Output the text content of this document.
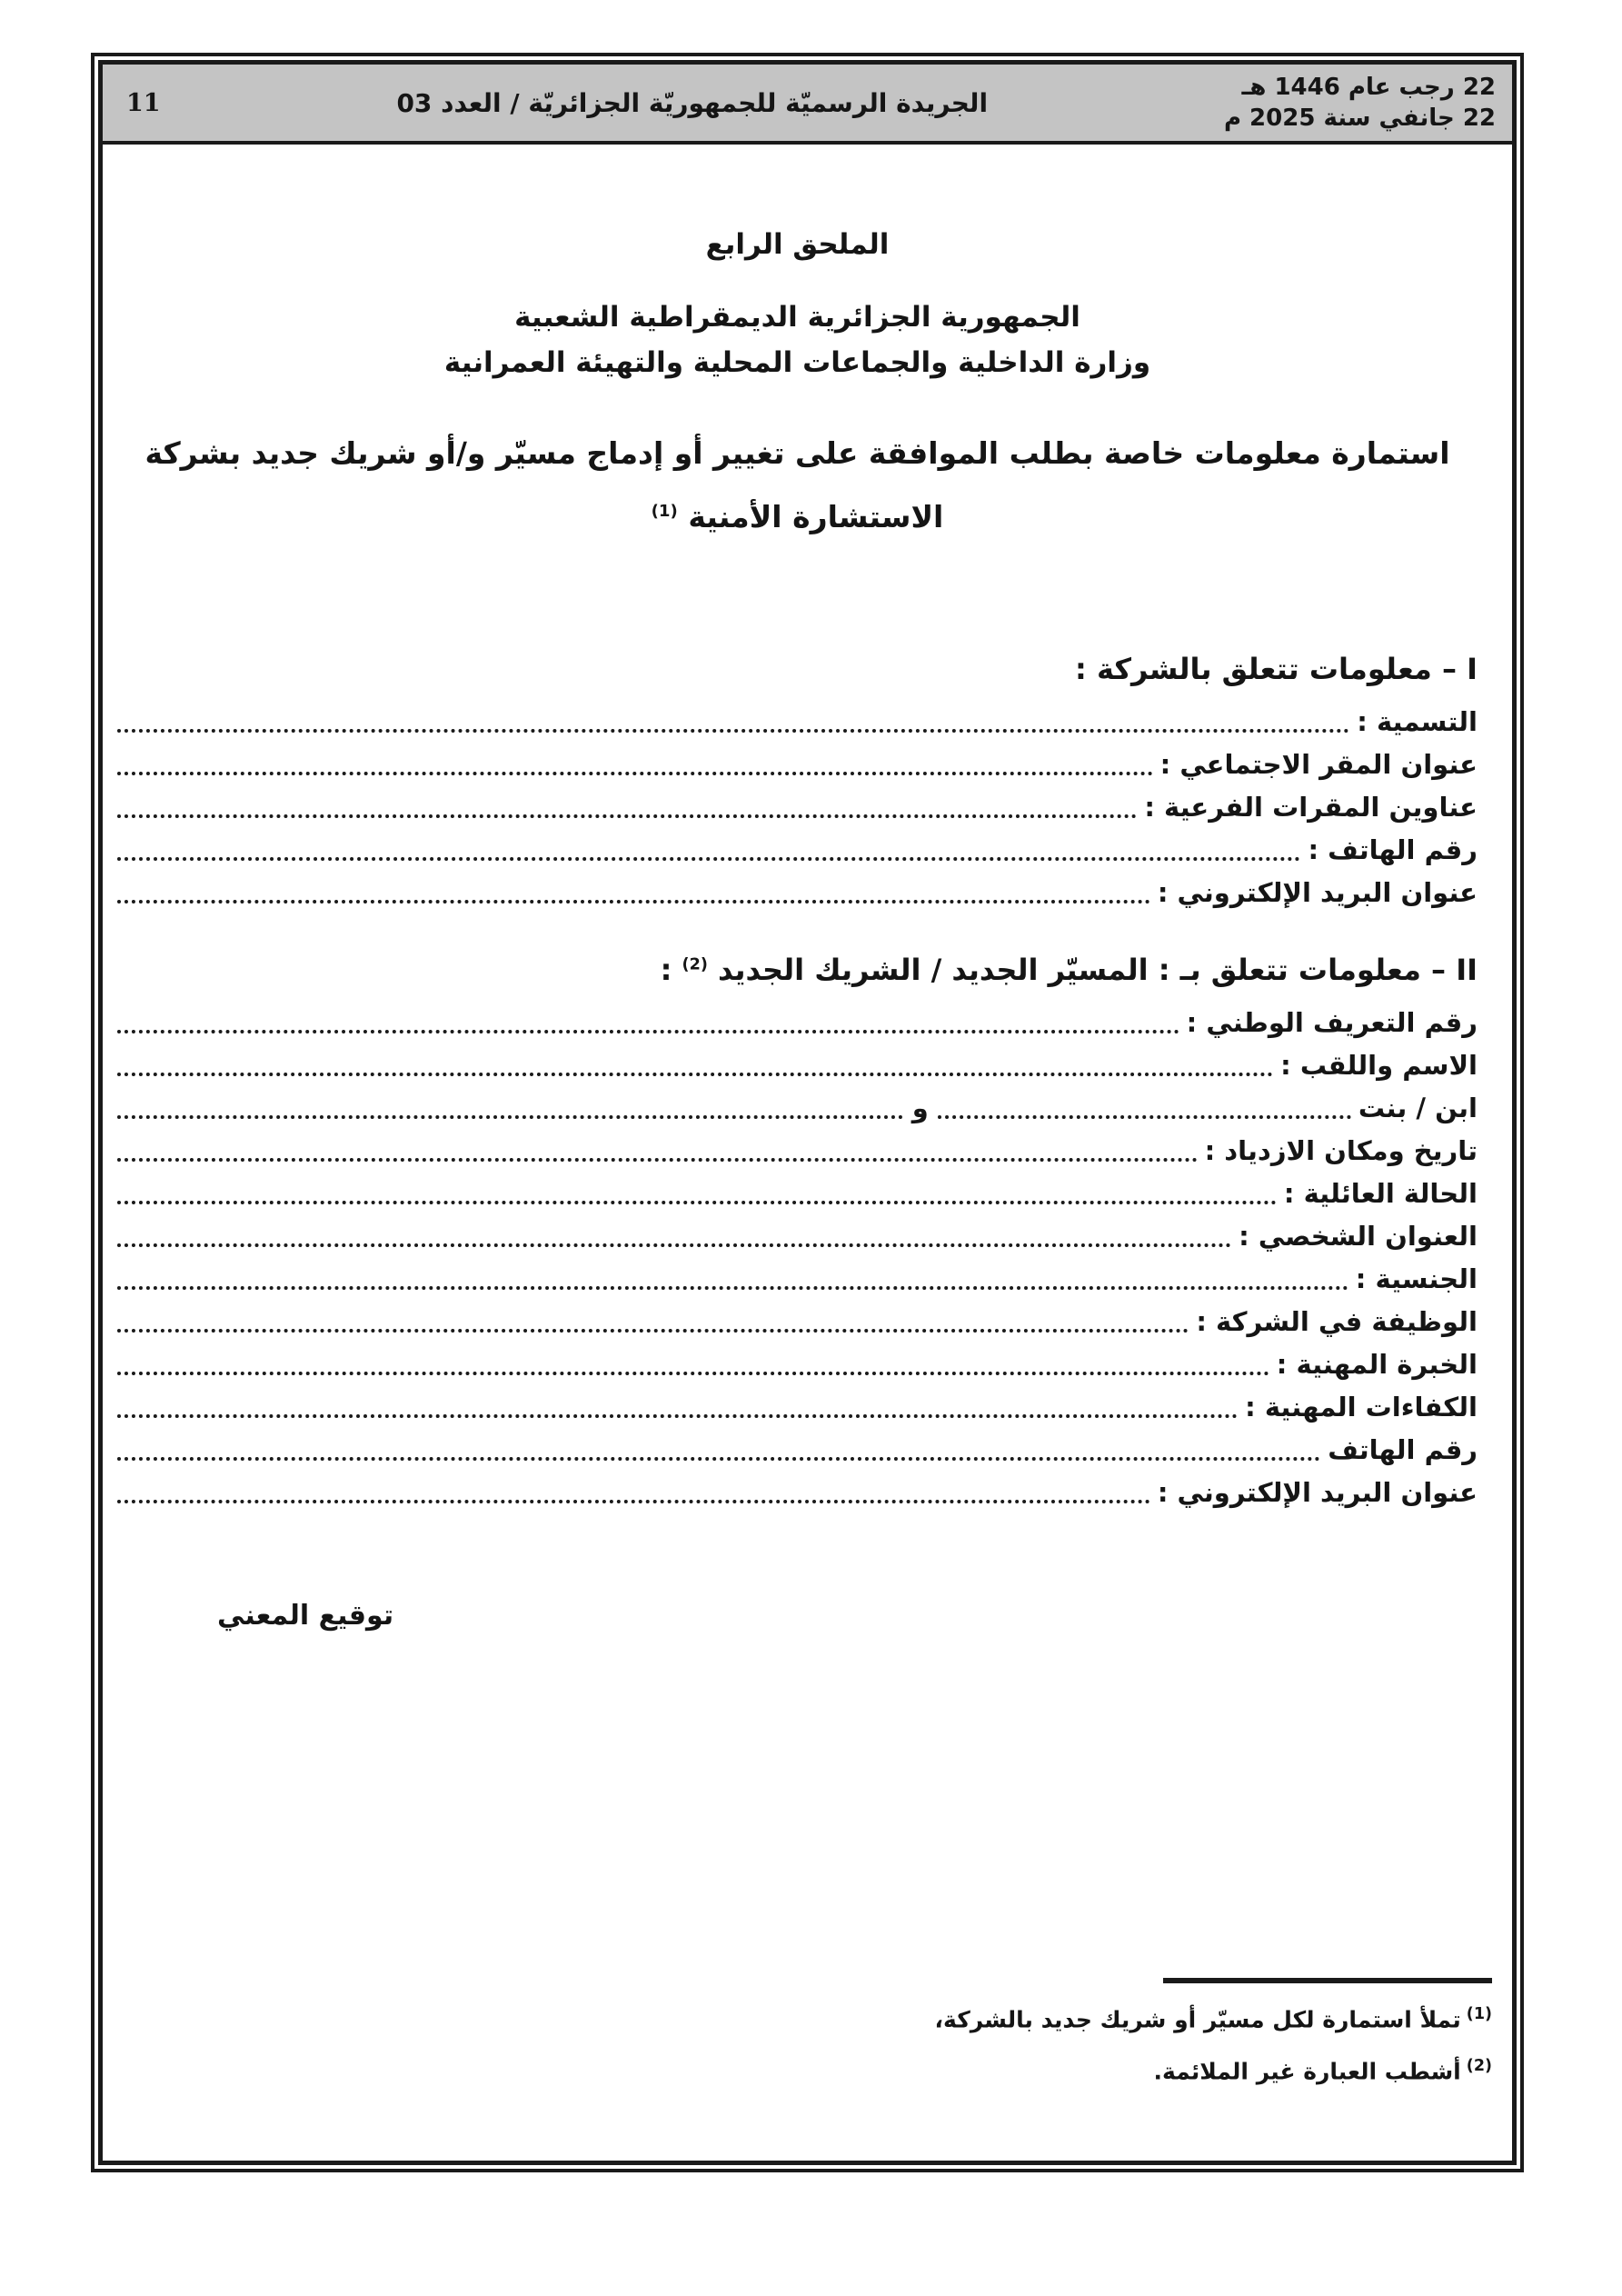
22 رجب عام 1446 هـ
22 جانفي سنة 2025 م
الجريدة الرسميّة للجمهوريّة الجزائريّة / العدد 03
11
الملحق الرابع
الجمهورية الجزائرية الديمقراطية الشعبية
وزارة الداخلية والجماعات المحلية والتهيئة العمرانية
استمارة معلومات خاصة بطلب الموافقة على تغيير أو إدماج مسيّر و/أو شريك جديد بشركة
الاستشارة الأمنية $^{(1)}$
I – معلومات تتعلق بالشركة :
التسمية :
عنوان المقر الاجتماعي :
عناوين المقرات الفرعية :
رقم الهاتف :
عنوان البريد الإلكتروني :
II – معلومات تتعلق بـ : المسيّر الجديد / الشريك الجديد $^{(2)}$ :
رقم التعريف الوطني :
الاسم واللقب :
ابن / بنت
و
تاريخ ومكان الازدياد :
الحالة العائلية :
العنوان الشخصي :
الجنسية :
الوظيفة في الشركة :
الخبرة المهنية :
الكفاءات المهنية :
رقم الهاتف
عنوان البريد الإلكتروني :
توقيع المعني
$^{(1)}$ تملأ استمارة لكل مسيّر أو شريك جديد بالشركة،
$^{(2)}$ أشطب العبارة غير الملائمة.
